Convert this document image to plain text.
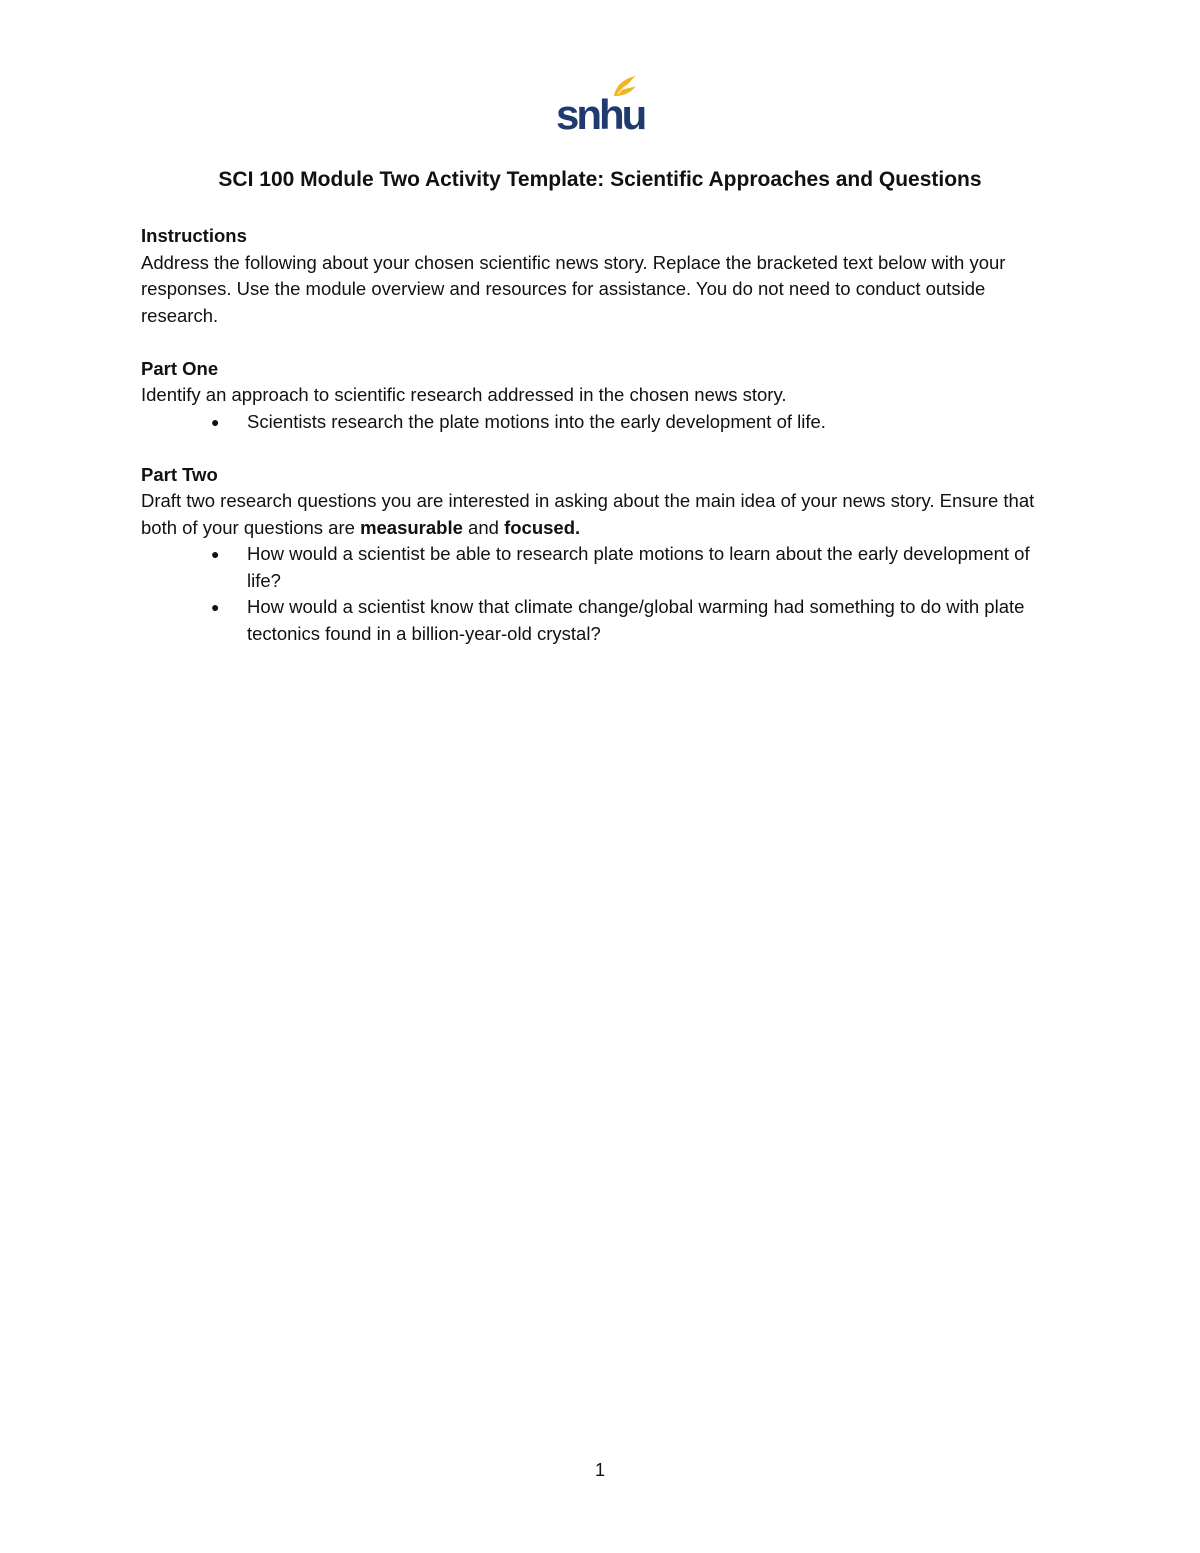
snhu
SCI 100 Module Two Activity Template: Scientific Approaches and Questions
Instructions

Address the following about your chosen scientific news story. Replace the bracketed text below with your responses. Use the module overview and resources for assistance. You do not need to conduct outside research.

Part One

Identify an approach to scientific research addressed in the chosen news story.

● Scientists research the plate motions into the early development of life.
Part Two

Draft two research questions you are interested in asking about the main idea of your news story. Ensure that both of your questions are measurable and focused.

● How would a scientist be able to research plate motions to learn about the early development of life?
● How would a scientist know that climate change/global warming had something to do with plate tectonics found in a billion-year-old crystal?
1
